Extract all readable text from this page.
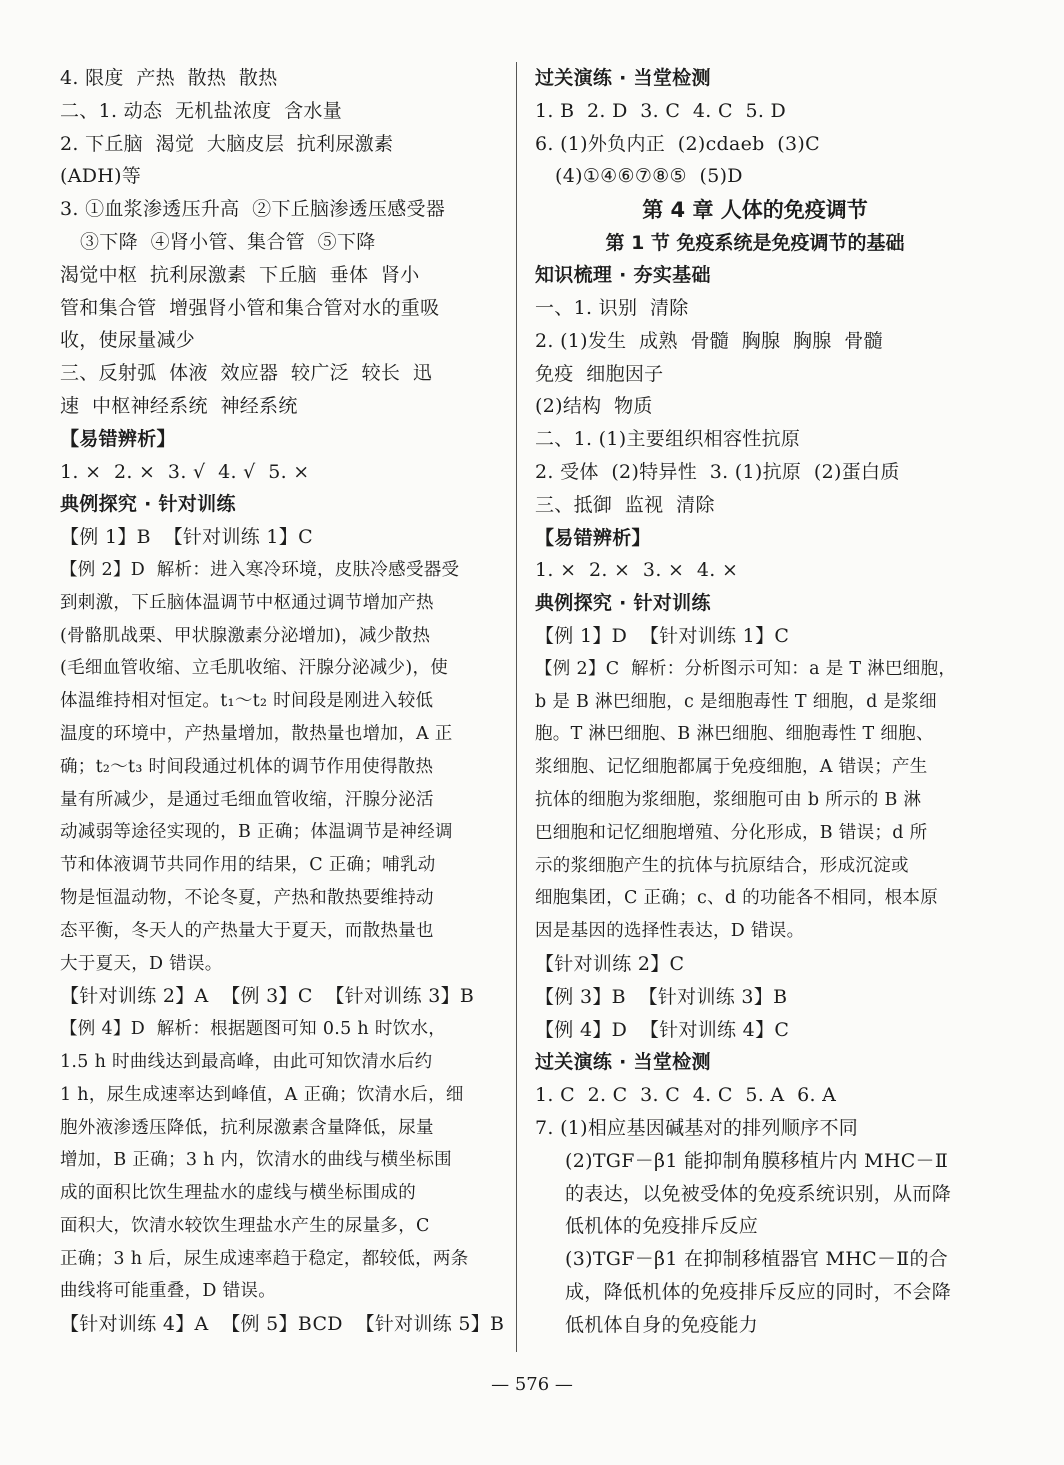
4. 限度  产热  散热  散热
二、1. 动态  无机盐浓度  含水量
2. 下丘脑  渴觉  大脑皮层  抗利尿激素
(ADH)等
3. ①血浆渗透压升高  ②下丘脑渗透压感受器
③下降  ④肾小管、集合管  ⑤下降
渴觉中枢  抗利尿激素  下丘脑  垂体  肾小
管和集合管  增强肾小管和集合管对水的重吸
收，使尿量减少
三、反射弧  体液  效应器  较广泛  较长  迅
速  中枢神经系统  神经系统
【易错辨析】
1. ×  2. ×  3. √  4. √  5. ×
典例探究 · 针对训练
【例 1】B  【针对训练 1】C
【例 2】D  解析：进入寒冷环境，皮肤冷感受器受
到刺激，下丘脑体温调节中枢通过调节增加产热
(骨骼肌战栗、甲状腺激素分泌增加)，减少散热
(毛细血管收缩、立毛肌收缩、汗腺分泌减少)，使
体温维持相对恒定。t₁～t₂ 时间段是刚进入较低
温度的环境中，产热量增加，散热量也增加，A 正
确；t₂～t₃ 时间段通过机体的调节作用使得散热
量有所减少，是通过毛细血管收缩，汗腺分泌活
动减弱等途径实现的，B 正确；体温调节是神经调
节和体液调节共同作用的结果，C 正确；哺乳动
物是恒温动物，不论冬夏，产热和散热要维持动
态平衡，冬天人的产热量大于夏天，而散热量也
大于夏天，D 错误。
【针对训练 2】A  【例 3】C  【针对训练 3】B
【例 4】D  解析：根据题图可知 0.5 h 时饮水，
1.5 h 时曲线达到最高峰，由此可知饮清水后约
1 h，尿生成速率达到峰值，A 正确；饮清水后，细
胞外液渗透压降低，抗利尿激素含量降低，尿量
增加，B 正确；3 h 内，饮清水的曲线与横坐标围
成的面积比饮生理盐水的虚线与横坐标围成的
面积大，饮清水较饮生理盐水产生的尿量多，C
正确；3 h 后，尿生成速率趋于稳定，都较低，两条
曲线将可能重叠，D 错误。
【针对训练 4】A  【例 5】BCD  【针对训练 5】B
过关演练 · 当堂检测
1. B  2. D  3. C  4. C  5. D
6. (1)外负内正  (2)cdaeb  (3)C
(4)①④⑥⑦⑧⑤  (5)D
第 4 章 人体的免疫调节
第 1 节 免疫系统是免疫调节的基础
知识梳理 · 夯实基础
一、1. 识别  清除
2. (1)发生  成熟  骨髓  胸腺  胸腺  骨髓
免疫  细胞因子
(2)结构  物质
二、1. (1)主要组织相容性抗原
2. 受体  (2)特异性  3. (1)抗原  (2)蛋白质
三、抵御  监视  清除
【易错辨析】
1. ×  2. ×  3. ×  4. ×
典例探究 · 针对训练
【例 1】D  【针对训练 1】C
【例 2】C  解析：分析图示可知：a 是 T 淋巴细胞，
b 是 B 淋巴细胞，c 是细胞毒性 T 细胞，d 是浆细
胞。T 淋巴细胞、B 淋巴细胞、细胞毒性 T 细胞、
浆细胞、记忆细胞都属于免疫细胞，A 错误；产生
抗体的细胞为浆细胞，浆细胞可由 b 所示的 B 淋
巴细胞和记忆细胞增殖、分化形成，B 错误；d 所
示的浆细胞产生的抗体与抗原结合，形成沉淀或
细胞集团，C 正确；c、d 的功能各不相同，根本原
因是基因的选择性表达，D 错误。
【针对训练 2】C
【例 3】B  【针对训练 3】B
【例 4】D  【针对训练 4】C
过关演练 · 当堂检测
1. C  2. C  3. C  4. C  5. A  6. A
7. (1)相应基因碱基对的排列顺序不同
(2)TGF－β1 能抑制角膜移植片内 MHC－Ⅱ
的表达，以免被受体的免疫系统识别，从而降
低机体的免疫排斥反应
(3)TGF－β1 在抑制移植器官 MHC－Ⅱ的合
成，降低机体的免疫排斥反应的同时，不会降
低机体自身的免疫能力
— 576 —
